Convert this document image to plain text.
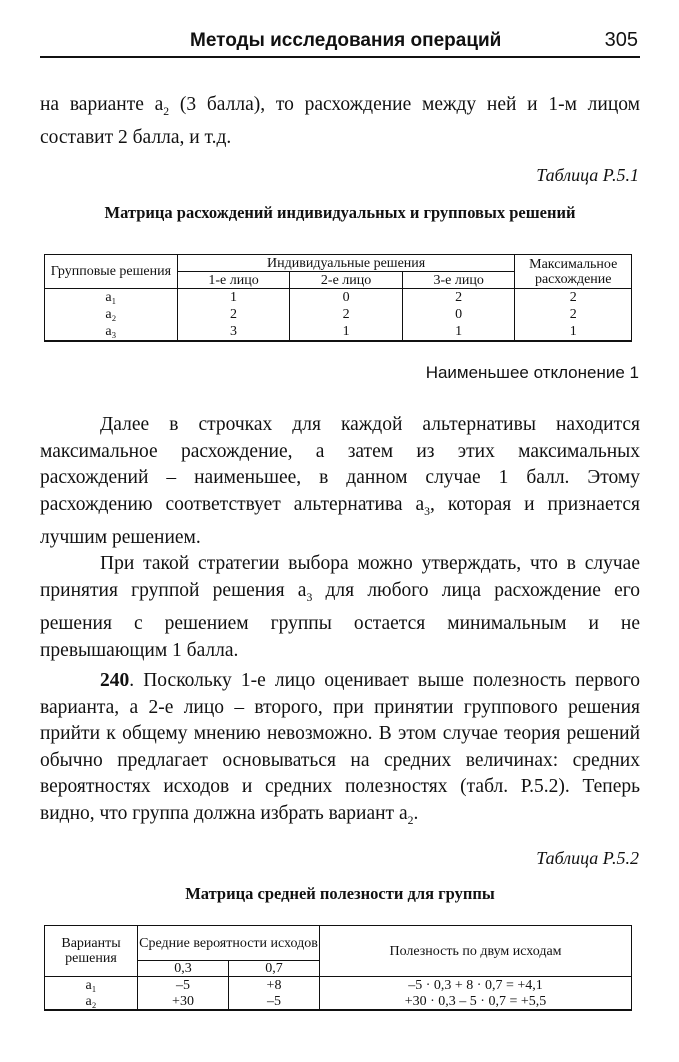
Методы исследования операций	305

на варианте $а_2$ (3 балла), то расхождение между ней и 1-м лицом составит 2 балла, и т.д.

Таблица Р.5.1
Матрица расхождений индивидуальных и групповых решений
Групповые решения	Индивидуальные решения			Максимальное расхождение
	1-е лицо	2-е лицо	3-е лицо	
а₁	1	0	2	2
а₂	2	2	0	2
а₃	3	1	1	1
Наименьшее отклонение 1

Далее в строчках для каждой альтернативы находится максимальное расхождение, а затем из этих максимальных расхождений – наименьшее, в данном случае 1 балл. Этому расхождению соответствует альтернатива $а_3$, которая и признается лучшим решением.

При такой стратегии выбора можно утверждать, что в случае принятия группой решения $а_3$ для любого лица расхождение его решения с решением группы остается минимальным и не превышающим 1 балла.

240. Поскольку 1-е лицо оценивает выше полезность первого варианта, а 2-е лицо – второго, при принятии группового решения прийти к общему мнению невозможно. В этом случае теория решений обычно предлагает основываться на средних величинах: средних вероятностях исходов и средних полезностях (табл. Р.5.2). Теперь видно, что группа должна избрать вариант $а_2$.

Таблица Р.5.2
Матрица средней полезности для группы
Варианты решения	Средние вероятности исходов		Полезность по двум исходам
	0,3	0,7	
а₁	–5	+8	–5 · 0,3 + 8 · 0,7 = +4,1
а₂	+30	–5	+30 · 0,3 – 5 · 0,7 = +5,5
